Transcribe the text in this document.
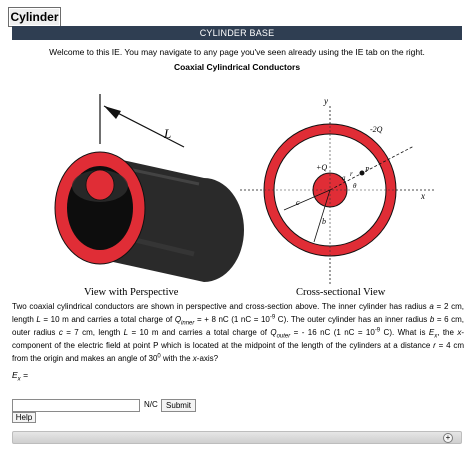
Cylinder
CYLINDER BASE
Welcome to this IE. You may navigate to any page you've seen already using the IE tab on the right.
Coaxial Cylindrical Conductors
L
y
x
-2Q
+Q
a
c
b
r P
θ
View with Perspective	Cross-sectional View
Two coaxial cylindrical conductors are shown in perspective and cross-section above. The inner cylinder has radius a = 2 cm, length L = 10 m and carries a total charge of $Q_{inner}$ = + 8 nC (1 nC = $10^{-9}$ C). The outer cylinder has an inner radius b = 6 cm, outer radius c = 7 cm, length L = 10 m and carries a total charge of $Q_{outer}$ = - 16 nC (1 nC = $10^{-9}$ C). What is $E_x$, the x-component of the electric field at point P which is located at the midpoint of the length of the cylinders at a distance r = 4 cm from the origin and makes an angle of $30^0$ with the x-axis?
$E_x$ =
N/C	Submit
Help
+
